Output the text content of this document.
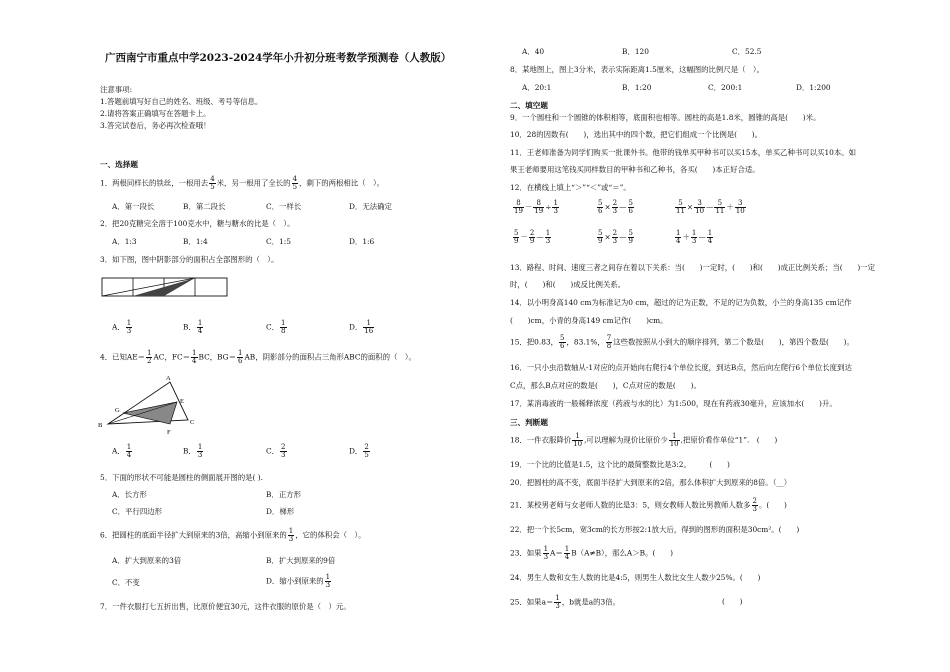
广西南宁市重点中学2023-2024学年小升初分班考数学预测卷（人教版）
注意事项:
1.答题前填写好自己的姓名、班级、考号等信息。
2.请将答案正确填写在答题卡上。
3.答完试卷后，务必再次检查哦！
一、选择题
1．两根同样长的铁丝，一根用去 $\frac{4}{5}$ 米，另一根用了全长的 $\frac{4}{5}$ ，剩下的两根相比（　）。
A．第一段长	B．第二段长	C．一样长	D．无法确定
2．把20克糖完全溶于100克水中，糖与糖水的比是（　）。
A．1:3	B．1:4	C．1:5	D．1:6
3．如下图，图中阴影部分的面积占全部图形的（　）。
A． $\frac{1}{3}$	B． $\frac{1}{4}$	C． $\frac{1}{8}$	D． $\frac{1}{16}$
4．已知$AE= \frac{1}{2}$ AC，$FC= \frac{1}{4}$ BC，$BG= \frac{1}{6}$ AB，阴影部分的面积占三角形ABC的面积的（　）。
A
B	C
E
F
G
A． $\frac{1}{4}$	B． $\frac{1}{3}$	C． $\frac{2}{3}$	D． $\frac{2}{5}$
5．下面的形状不可能是圆柱的侧面展开图的是( ).
A．长方形	B．正方形
C．平行四边形	D．梯形
6．把圆柱的底面半径扩大到原来的3倍，高缩小到原来的 $\frac{1}{3}$ ，它的体积会（　）。
A．扩大到原来的3倍	B．扩大到原来的9倍
C．不变	D．缩小到原来的 $\frac{1}{3}$
7．一件衣服打七五折出售，比原价便宜30元，这件衣服的原价是（　）元。
A．40	B．120	C．52.5
8．某地图上，图上3分米，表示实际距离1.5厘米，这幅图的比例尺是（　）。
A．20:1	B．1:20	C．200:1	D．1:200
二、填空题
9．一个圆柱和一个圆锥的体积相等，底面积也相等。圆柱的高是1.8米，圆锥的高是(　　)米。
10．28的因数有(　　)，选出其中的四个数，把它们组成一个比例是(　　)。
11．王老师准备为同学们购买一批课外书。他带的钱单买甲种书可以买15本，单买乙种书可以买10本。如
果王老师要用这笔钱买同样数目的甲种书和乙种书，各买(　　)本正好合适。
12．在横线上填上“＞”“＜”或“＝”。
$\frac{8}{19} - \frac{8}{19} \div \frac{1}{3}$	$\frac{5}{6} \times \frac{2}{3}$ — $\frac{5}{6}$	$\frac{5}{11} \times \frac{3}{10}$ — $\frac{5}{11} + \frac{3}{10}$
$\frac{5}{9} - \frac{2}{9}$ — $\frac{1}{3}$	$\frac{5}{9} \times \frac{2}{3}$ — $\frac{5}{9}$	$\frac{1}{4} + \frac{1}{3}$ — $\frac{1}{4}$
13．路程、时间、速度三者之间存在着以下关系：当(　　)一定时，(　　)和(　　)成正比例关系；当(　　)一定
时，(　　)和(　　)成反比例关系。
14．以小明身高140 cm为标准记为0 cm，超过的记为正数，不足的记为负数，小兰的身高135 cm记作
(　　)cm，小青的身高149 cm记作(　　)cm。
15．把0.83， $\frac{5}{6}$ ，83.1%， $\frac{7}{8}$ 这些数按照从小到大的顺序排列，第二个数是(　　)，第四个数是(　　)。
16．一只小虫沿数轴从-1对应的点开始向右爬行4个单位长度，到达B点，然后向左爬行6个单位长度到达
C点，那么B点对应的数是(　　)，C点对应的数是(　　)。
17．某消毒液的一般稀释浓度（药液与水的比）为1:500，现在有药液30毫升，应该加水(　　)升。
三、判断题
18．一件衣服降价 $\frac{1}{10}$ ,可以理解为现价比原价少 $\frac{1}{10}$ ,把原价看作单位“1”.　(　　)
19．一个比的比值是1.5，这个比的最简整数比是3:2。　　　(　　)
20．把圆柱的高不变，底面半径扩大到原来的2倍，那么体积扩大到原来的8倍。（__）
21．某校男老师与女老师人数的比是3：5，则女教师人数比男教师人数多 $\frac{2}{3}$ 。(　　)
22．把一个长5cm，宽3cm的长方形按2:1放大后，得到的图形的面积是30cm²。(　　)
23．如果 $\frac{1}{3} A= \frac{1}{4} B(A\ne B)$，那么A＞B。(　　)
24．男生人数和女生人数的比是4:5，则男生人数比女生人数少25%。(　　)
25．如果$a= \frac{1}{3}$ ，b就是a的3倍。	(　　)
